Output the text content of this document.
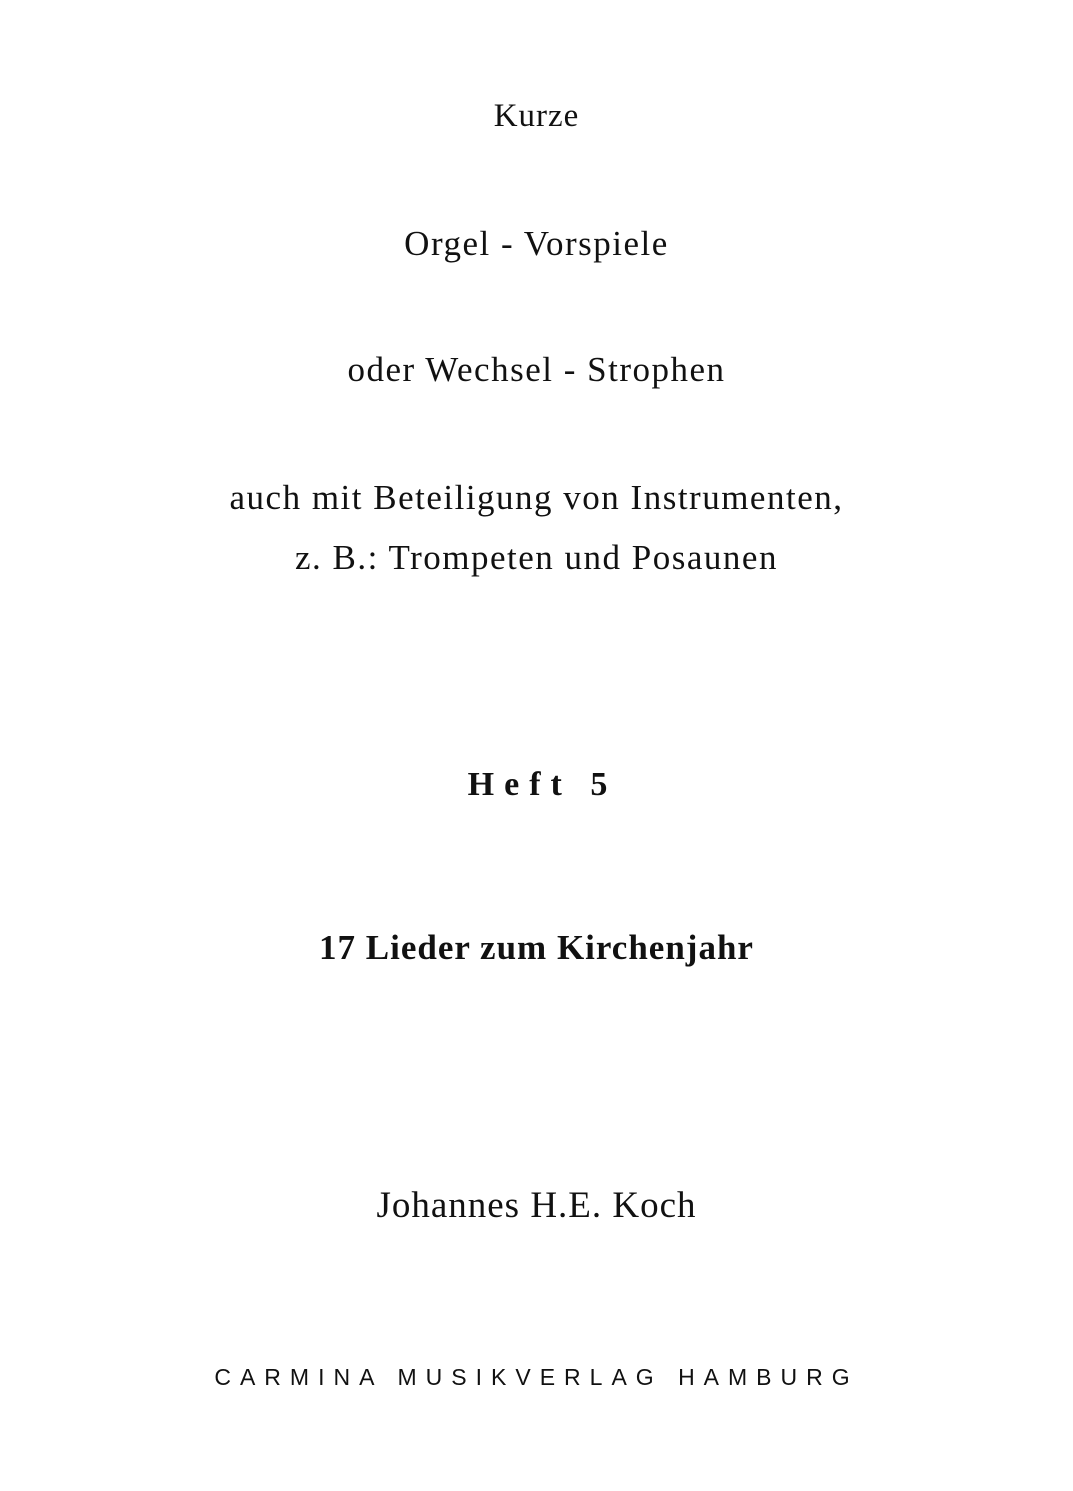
Kurze
Orgel - Vorspiele
oder Wechsel - Strophen
auch mit Beteiligung von Instrumenten,
z. B.: Trompeten und Posaunen
Heft 5
17 Lieder zum Kirchenjahr
Johannes H.E. Koch
CARMINA MUSIKVERLAG HAMBURG
